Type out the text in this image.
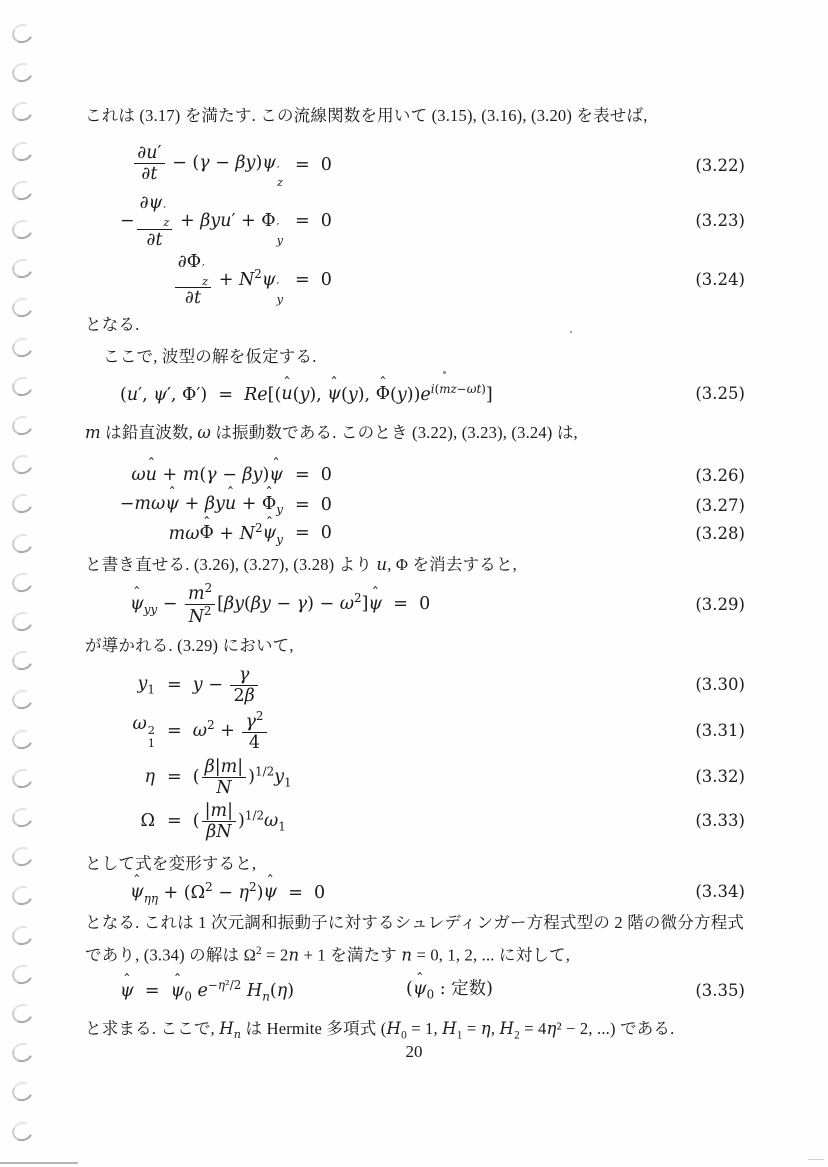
これは (3.17) を満たす. この流線関数を用いて (3.15), (3.16), (3.20) を表せば,
$\frac{\partial u'}{\partial t} - (\gamma - \beta y)\psi$ ′
z
=  0	(3.22)
− ∂ψ ′
z
∂t + βyu′ + Φ ′
y
=  0	(3.23)
∂Φ ′
z
$\partial t + N^2\psi$ ′
y
=  0	(3.24)
となる.
ここで, 波型の解を仮定する.
(u′, ψ′, Φ′)  =  Re[(u ˆ(y), ψ ˆ(y), Φ $ˆ(y))e^{i(mz-\omega t)}$]	(3.25)
m は鉛直波数, ω は振動数である. このとき (3.22), (3.23), (3.24) は,
ωu ˆ + m(γ − βy)ψ ˆ =  0	(3.26)
−mωψ ˆ + βyu ˆ + Φ ˆ$_y$ =  0	(3.27)
mωΦ ˆ + $N^2\psi$ ˆ$_y$ =  0	(3.28)
と書き直せる. (3.26), (3.27), (3.28) より u, Φ を消去すると,
ψ ˆ$_{yy}$ − $\frac{m^2}{N^2} [\beta y(\beta y - \gamma) - \omega^2]\psi$ ˆ  =  0	(3.29)
が導かれる. (3.29) において,
$y_1 = y - \frac{\gamma}{2\beta}$	(3.30)
ω 2
1
=  $\omega^2 + \frac{\gamma^2}{4}$	(3.31)
η =  ( $\frac{\beta|m|}{N} )^{1/2}y_1$	(3.32)
Ω =  ( $\frac{|m|}{\beta N} )^{1/2}\omega_1$	(3.33)
として式を変形すると,
ψ ˆ$_{\eta\eta}$ + $(\Omega^2 - \eta^2)\psi$ ˆ  =  0	(3.34)
となる. これは 1 次元調和振動子に対するシュレディンガー方程式型の 2 階の微分方程式
であり, (3.34) の解は $\Omega^2 = 2n + 1$ を満たす n = 0, 1, 2, ... に対して,
ψ ˆ  =  ψ ˆ$_0$ $e^{-\eta^2/2}$ $H_n(\eta)$	(ψ ˆ$_0$ : 定数)	(3.35)
と求まる. ここで, $H_n$ は Hermite 多項式 ($H_0 = 1$, $H_1 = \eta$, $H_2 = 4\eta^2 - 2$, ...) である.
20
